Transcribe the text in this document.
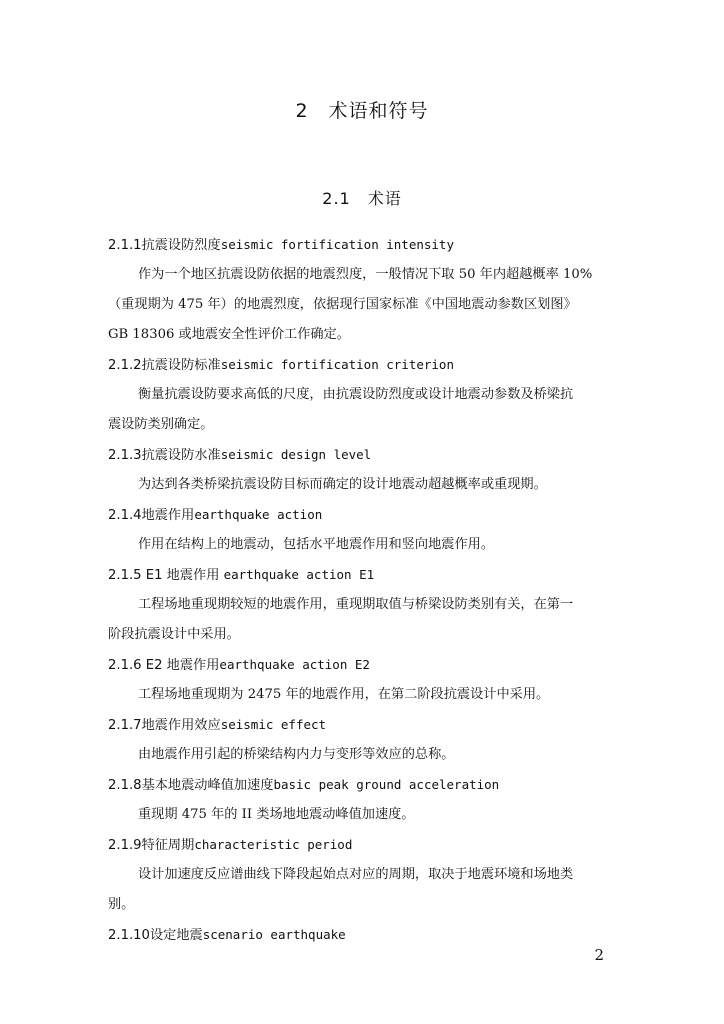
2　术语和符号
2.1　术语
2.1.1抗震设防烈度seismic fortification intensity
作为一个地区抗震设防依据的地震烈度，一般情况下取 50 年内超越概率 10%
（重现期为 475 年）的地震烈度，依据现行国家标准《中国地震动参数区划图》
GB 18306 或地震安全性评价工作确定。
2.1.2抗震设防标准seismic fortification criterion
衡量抗震设防要求高低的尺度，由抗震设防烈度或设计地震动参数及桥梁抗
震设防类别确定。
2.1.3抗震设防水准seismic design level
为达到各类桥梁抗震设防目标而确定的设计地震动超越概率或重现期。
2.1.4地震作用earthquake action
作用在结构上的地震动，包括水平地震作用和竖向地震作用。
2.1.5 E1 地震作用 earthquake action E1
工程场地重现期较短的地震作用，重现期取值与桥梁设防类别有关，在第一
阶段抗震设计中采用。
2.1.6 E2 地震作用earthquake action E2
工程场地重现期为 2475 年的地震作用，在第二阶段抗震设计中采用。
2.1.7地震作用效应seismic effect
由地震作用引起的桥梁结构内力与变形等效应的总称。
2.1.8基本地震动峰值加速度basic peak ground acceleration
重现期 475 年的 II 类场地地震动峰值加速度。
2.1.9特征周期characteristic period
设计加速度反应谱曲线下降段起始点对应的周期，取决于地震环境和场地类
别。
2.1.10设定地震scenario earthquake
2
